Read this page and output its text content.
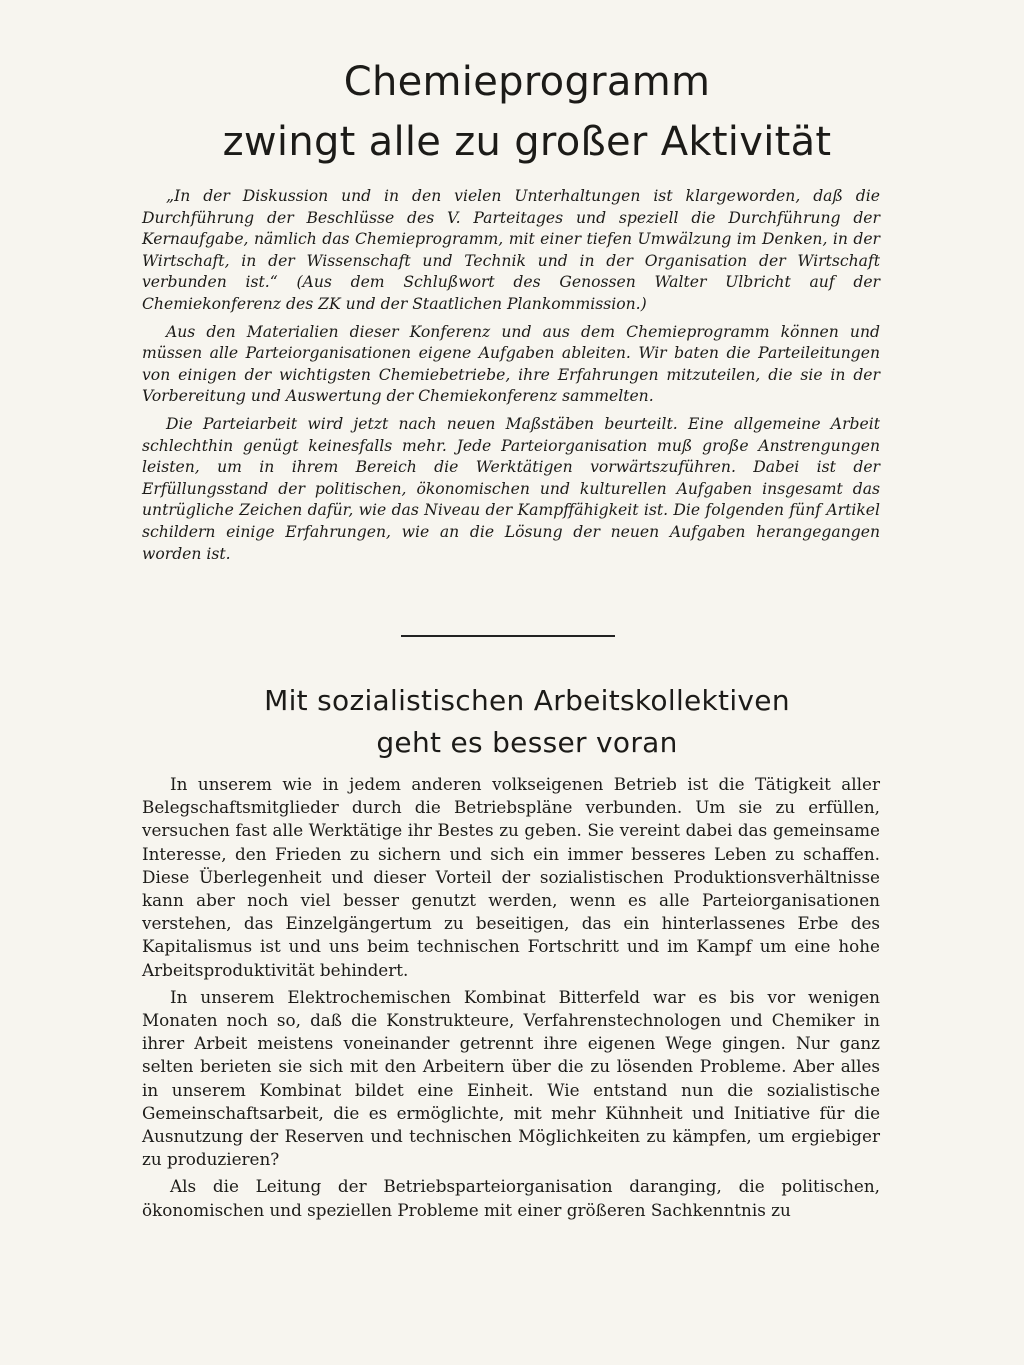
Chemieprogramm
zwingt alle zu großer Aktivität

„In der Diskussion und in den vielen Unterhaltungen ist klargeworden, daß die Durchführung der Beschlüsse des V. Parteitages und speziell die Durchführung der Kernaufgabe, nämlich das Chemieprogramm, mit einer tiefen Umwälzung im Denken, in der Wirtschaft, in der Wissenschaft und Technik und in der Organisation der Wirtschaft verbunden ist.“ (Aus dem Schlußwort des Genossen Walter Ulbricht auf der Chemiekonferenz des ZK und der Staatlichen Plankommission.)

Aus den Materialien dieser Konferenz und aus dem Chemieprogramm können und müssen alle Parteiorganisationen eigene Aufgaben ableiten. Wir baten die Parteileitungen von einigen der wichtigsten Chemiebetriebe, ihre Erfahrungen mitzuteilen, die sie in der Vorbereitung und Auswertung der Chemiekonferenz sammelten.

Die Parteiarbeit wird jetzt nach neuen Maßstäben beurteilt. Eine allgemeine Arbeit schlechthin genügt keinesfalls mehr. Jede Parteiorganisation muß große Anstrengungen leisten, um in ihrem Bereich die Werktätigen vorwärtszuführen. Dabei ist der Erfüllungsstand der politischen, ökonomischen und kulturellen Aufgaben insgesamt das untrügliche Zeichen dafür, wie das Niveau der Kampffähigkeit ist. Die folgenden fünf Artikel schildern einige Erfahrungen, wie an die Lösung der neuen Aufgaben herangegangen worden ist.

Mit sozialistischen Arbeitskollektiven
geht es besser voran

In unserem wie in jedem anderen volkseigenen Betrieb ist die Tätigkeit aller Belegschaftsmitglieder durch die Betriebspläne verbunden. Um sie zu erfüllen, versuchen fast alle Werktätige ihr Bestes zu geben. Sie vereint dabei das gemeinsame Interesse, den Frieden zu sichern und sich ein immer besseres Leben zu schaffen. Diese Überlegenheit und dieser Vorteil der sozialistischen Produktionsverhältnisse kann aber noch viel besser genutzt werden, wenn es alle Parteiorganisationen verstehen, das Einzelgängertum zu beseitigen, das ein hinterlassenes Erbe des Kapitalismus ist und uns beim technischen Fortschritt und im Kampf um eine hohe Arbeitsproduktivität behindert.

In unserem Elektrochemischen Kombinat Bitterfeld war es bis vor wenigen Monaten noch so, daß die Konstrukteure, Verfahrenstechnologen und Chemiker in ihrer Arbeit meistens voneinander getrennt ihre eigenen Wege gingen. Nur ganz selten berieten sie sich mit den Arbeitern über die zu lösenden Probleme. Aber alles in unserem Kombinat bildet eine Einheit. Wie entstand nun die sozialistische Gemeinschaftsarbeit, die es ermöglichte, mit mehr Kühnheit und Initiative für die Ausnutzung der Reserven und technischen Möglichkeiten zu kämpfen, um ergiebiger zu produzieren?

Als die Leitung der Betriebsparteiorganisation daranging, die politischen, ökonomischen und speziellen Probleme mit einer größeren Sachkenntnis zu
